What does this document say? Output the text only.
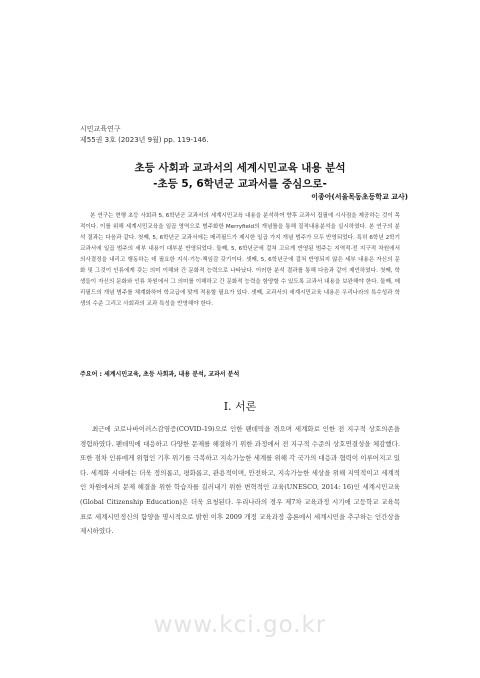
시민교육연구
제55권 3호 (2023년 9월) pp. 119-146.
초등 사회과 교과서의 세계시민교육 내용 분석
-초등 5, 6학년군 교과서를 중심으로-
이종아(서울목동초등학교 교사)

본 연구는 현행 초등 사회과 5, 6학년군 교과서의 세계시민교육 내용을 분석하여 향후 교과서 집필에 시사점을 제공하는 것이 목적이다. 이를 위해 세계시민교육을 일곱 영역으로 범주화한 Merryfield의 개념틀을 통해 질적내용분석을 실시하였다. 본 연구의 분석 결과는 다음과 같다. 첫째, 5, 6학년군 교과서에는 메리필드가 제시한 일곱 가지 개념 범주가 모두 반영되었다. 특히 6학년 2학기 교과서에 일곱 범주의 세부 내용이 대부분 반영되었다. 둘째, 5, 6학년군에 걸쳐 고르게 반영된 범주는 지역적·전 지구적 차원에서 의사결정을 내리고 행동하는 데 필요한 지식·기능·책임감 갖기이다. 셋째, 5, 6학년군에 걸쳐 반영되지 않은 세부 내용은 자신의 문화 및 그것이 인류에게 갖는 의미 이해와 간 문화적 능력으로 나타났다. 이러한 분석 결과를 통해 다음과 같이 제언하였다. 첫째, 학생들이 자신의 문화와 인류 차원에서 그 의미를 이해하고 간 문화적 능력을 함양할 수 있도록 교과서 내용을 보완해야 한다. 둘째, 메리필드의 개념 범주를 체계화하여 학교급에 맞게 적용할 필요가 있다. 셋째, 교과서의 세계시민교육 내용은 우리나라의 특수성과 학생의 수준 그리고 사회과의 교과 특성을 반영해야 한다.

주요어 : 세계시민교육, 초등 사회과, 내용 분석, 교과서 분석
Ⅰ. 서론

최근에 코로나바이러스감염증(COVID-19)으로 인한 팬데믹을 겪으며 세계화로 인한 전 지구적 상호의존을 경험하였다. 팬데믹에 대응하고 다양한 문제를 해결하기 위한 과정에서 전 지구적 수준의 상호연결성을 체감했다. 또한 점차 인류에게 위협인 기후 위기를 극복하고 지속가능한 세계를 위해 각 국가의 대응과 협력이 이루어지고 있다. 세계화 시대에는 더욱 정의롭고, 평화롭고, 관용적이며, 안전하고, 지속가능한 세상을 위해 지역적이고 세계적인 차원에서의 문제 해결을 위한 학습자를 길러내기 위한 변혁적인 교육(UNESCO, 2014: 16)인 세계시민교육(Global Citizenship Education)은 더욱 요청된다. 우리나라의 경우 제7차 교육과정 시기에 고등학교 교육목표로 세계시민정신의 함양을 명시적으로 밝힌 이후 2009 개정 교육과정 총론에서 세계시민을 추구하는 인간상을 제시하였다.

www.kci.go.kr
